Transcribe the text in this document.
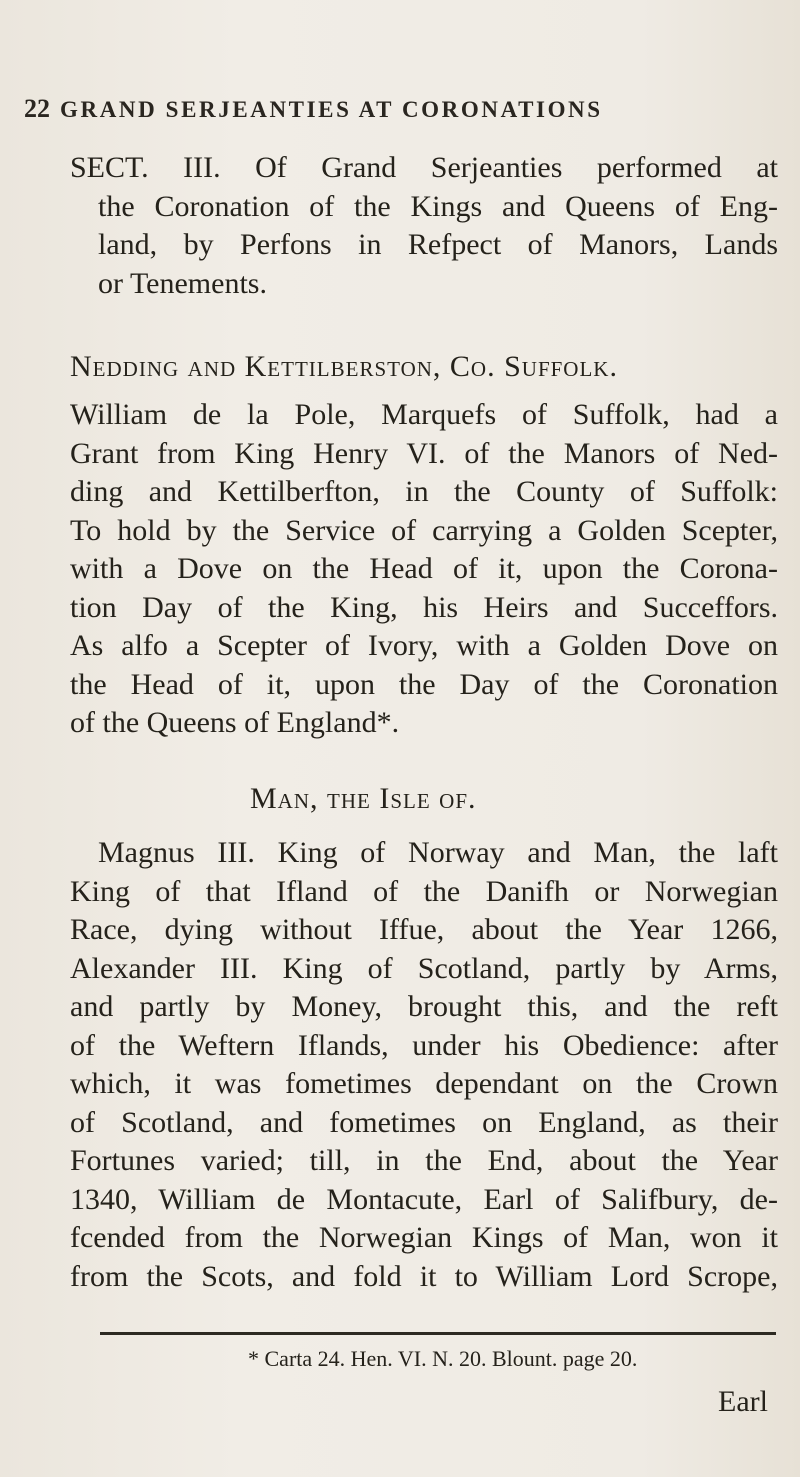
22 GRAND SERJEANTIES AT CORONATIONS
SECT. III. Of Grand Serjeanties performed at
the Coronation of the Kings and Queens of Eng-
land, by Perfons in Refpect of Manors, Lands
or Tenements.
Nedding and Kettilberston, Co. Suffolk.
William de la Pole, Marquefs of Suffolk, had a
Grant from King Henry VI. of the Manors of Ned-
ding and Kettilberfton, in the County of Suffolk:
To hold by the Service of carrying a Golden Scepter,
with a Dove on the Head of it, upon the Corona-
tion Day of the King, his Heirs and Succeffors.
As alfo a Scepter of Ivory, with a Golden Dove on
the Head of it, upon the Day of the Coronation
of the Queens of England*.
Man, the Isle of.
Magnus III. King of Norway and Man, the laft
King of that Ifland of the Danifh or Norwegian
Race, dying without Iffue, about the Year 1266,
Alexander III. King of Scotland, partly by Arms,
and partly by Money, brought this, and the reft
of the Weftern Iflands, under his Obedience: after
which, it was fometimes dependant on the Crown
of Scotland, and fometimes on England, as their
Fortunes varied; till, in the End, about the Year
1340, William de Montacute, Earl of Salifbury, de-
fcended from the Norwegian Kings of Man, won it
from the Scots, and fold it to William Lord Scrope,
* Carta 24. Hen. VI. N. 20. Blount. page 20.
Earl
